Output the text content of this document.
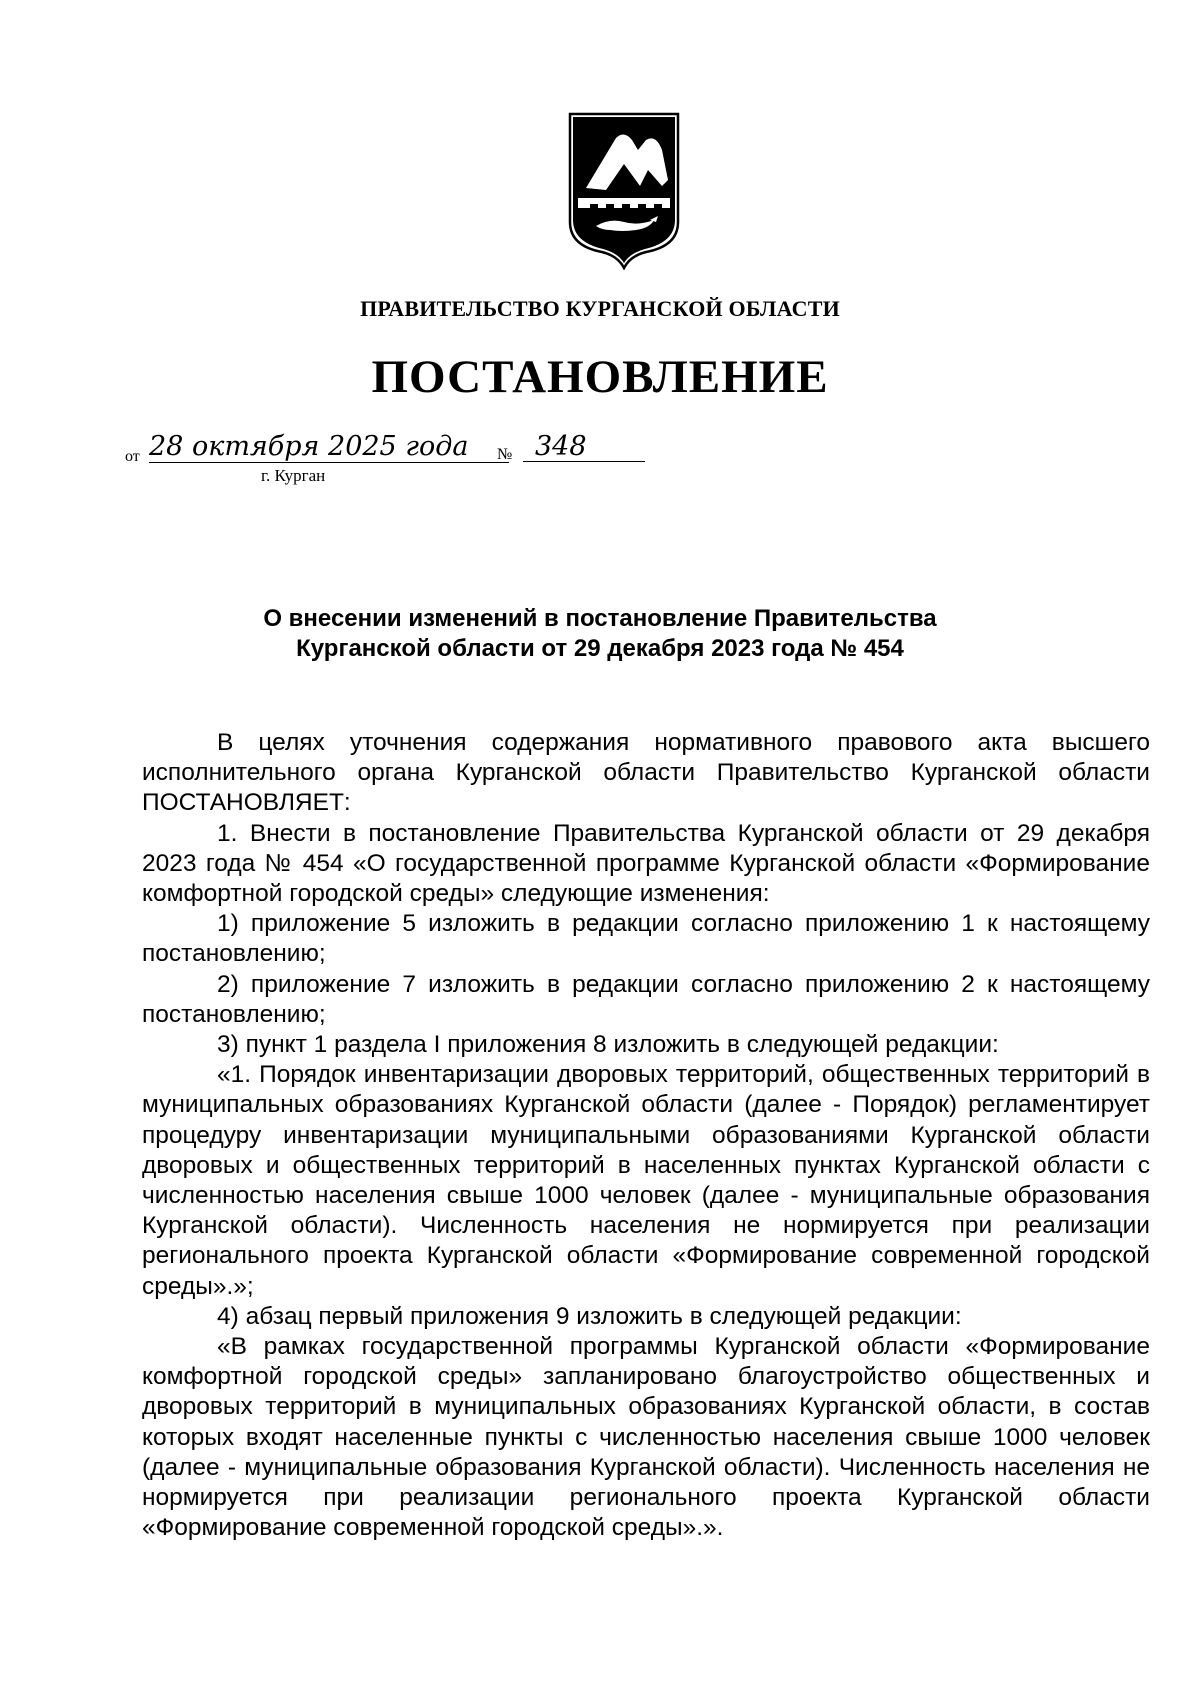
ПРАВИТЕЛЬСТВО КУРГАНСКОЙ ОБЛАСТИ
ПОСТАНОВЛЕНИЕ
от 28 октября 2025 года	№ 348
г. Курган
О внесении изменений в постановление Правительства
Курганской области от 29 декабря 2023 года № 454

В целях уточнения содержания нормативного правового акта высшего исполнительного органа Курганской области Правительство Курганской области ПОСТАНОВЛЯЕТ:

1. Внести в постановление Правительства Курганской области от 29 декабря 2023 года № 454 «О государственной программе Курганской области «Формирование комфортной городской среды» следующие изменения:

1) приложение 5 изложить в редакции согласно приложению 1 к настоящему постановлению;

2) приложение 7 изложить в редакции согласно приложению 2 к настоящему постановлению;

3) пункт 1 раздела I приложения 8 изложить в следующей редакции:

«1. Порядок инвентаризации дворовых территорий, общественных территорий в муниципальных образованиях Курганской области (далее - Порядок) регламентирует процедуру инвентаризации муниципальными образованиями Курганской области дворовых и общественных территорий в населенных пунктах Курганской области с численностью населения свыше 1000 человек (далее - муниципальные образования Курганской области). Численность населения не нормируется при реализации регионального проекта Курганской области «Формирование современной городской среды».»;

4) абзац первый приложения 9 изложить в следующей редакции:

«В рамках государственной программы Курганской области «Формирование комфортной городской среды» запланировано благоустройство общественных и дворовых территорий в муниципальных образованиях Курганской области, в состав которых входят населенные пункты с численностью населения свыше 1000 человек (далее - муниципальные образования Курганской области). Численность населения не нормируется при реализации регионального проекта Курганской области «Формирование современной городской среды».».
